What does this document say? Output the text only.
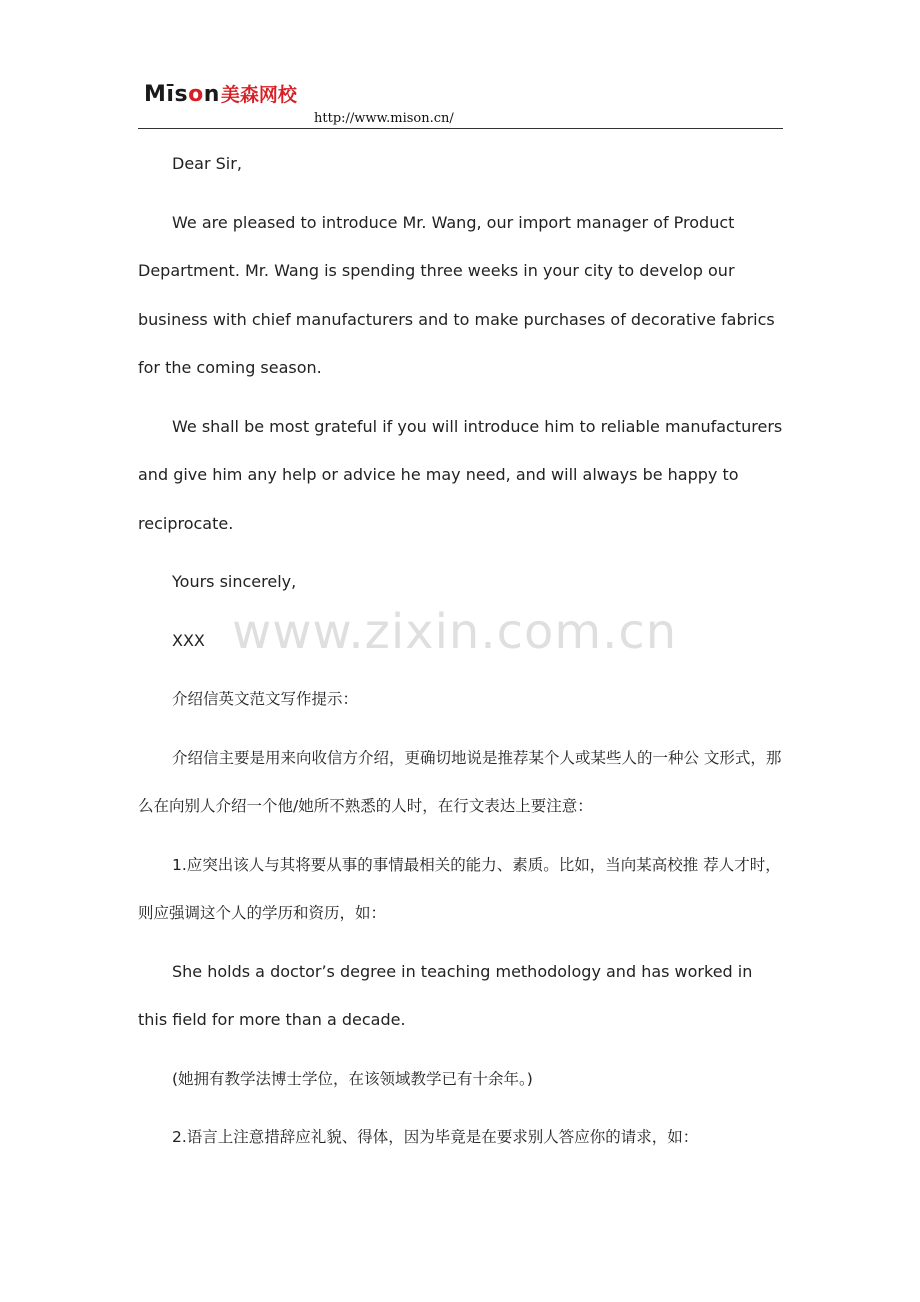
Mīson美森网校
http://www.mison.cn/

Dear Sir,

We are pleased to introduce Mr. Wang, our import manager of Product Department. Mr. Wang is spending three weeks in your city to develop our business with chief manufacturers and to make purchases of decorative fabrics for the coming season.

We shall be most grateful if you will introduce him to reliable manufacturers and give him any help or advice he may need, and will always be happy to reciprocate.

Yours sincerely,

XXX

介绍信英文范文写作提示：

介绍信主要是用来向收信方介绍，更确切地说是推荐某个人或某些人的一种公 文形式，那么在向别人介绍一个他/她所不熟悉的人时，在行文表达上要注意：

1.应突出该人与其将要从事的事情最相关的能力、素质。比如，当向某高校推 荐人才时，则应强调这个人的学历和资历，如：

She holds a doctor’s degree in teaching methodology and has worked in this field for more than a decade.

(她拥有教学法博士学位，在该领域教学已有十余年。)

2.语言上注意措辞应礼貌、得体，因为毕竟是在要求别人答应你的请求，如：

www.zixin.com.cn
